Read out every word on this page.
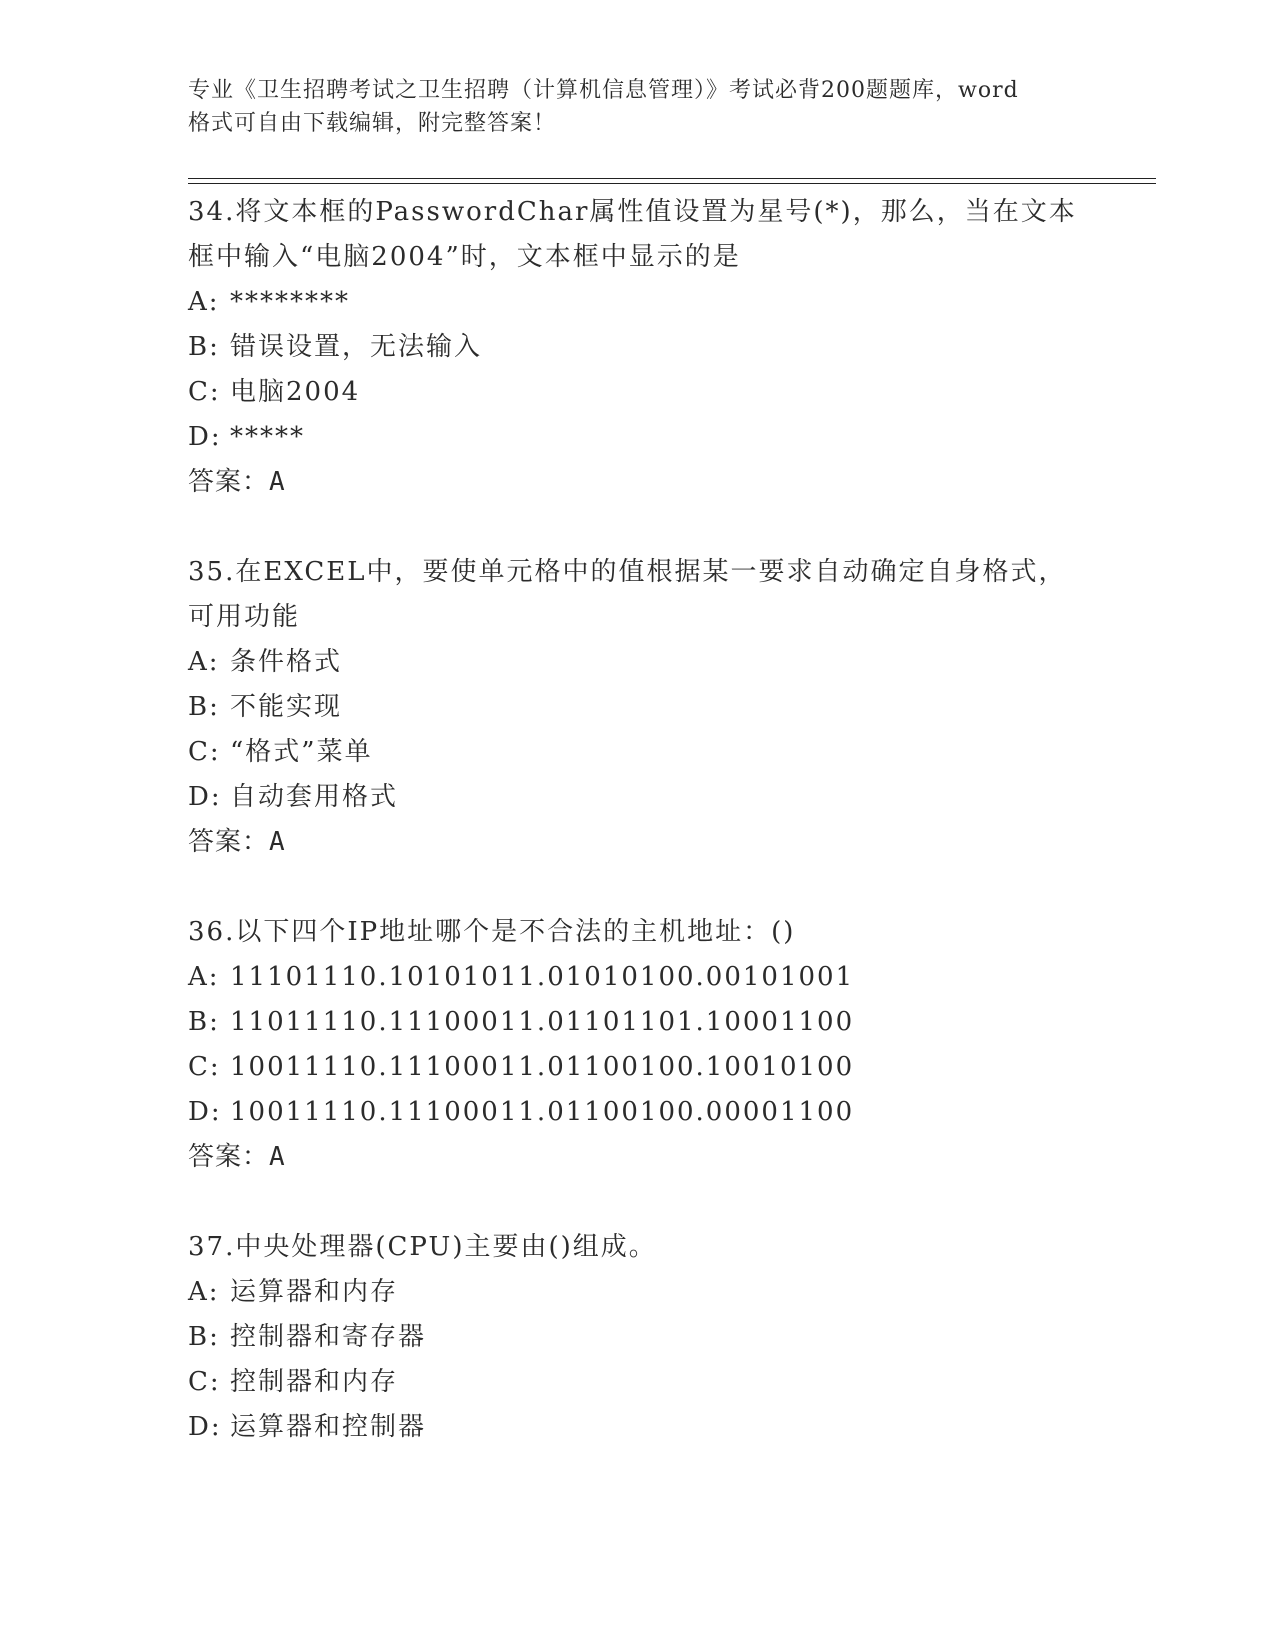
专业《卫生招聘考试之卫生招聘（计算机信息管理）》考试必背200题题库，word
格式可自由下载编辑，附完整答案！

34.将文本框的PasswordChar属性值设置为星号(*)，那么，当在文本框中输入“电脑2004”时，文本框中显示的是

A: ********

B: 错误设置，无法输入

C: 电脑2004

D: *****

答案：A

35.在EXCEL中，要使单元格中的值根据某一要求自动确定自身格式，可用功能

A: 条件格式

B: 不能实现

C: “格式”菜单

D: 自动套用格式

答案：A

36.以下四个IP地址哪个是不合法的主机地址：()

A: 11101110.10101011.01010100.00101001

B: 11011110.11100011.01101101.10001100

C: 10011110.11100011.01100100.10010100

D: 10011110.11100011.01100100.00001100

答案：A

37.中央处理器(CPU)主要由()组成。

A: 运算器和内存

B: 控制器和寄存器

C: 控制器和内存

D: 运算器和控制器
